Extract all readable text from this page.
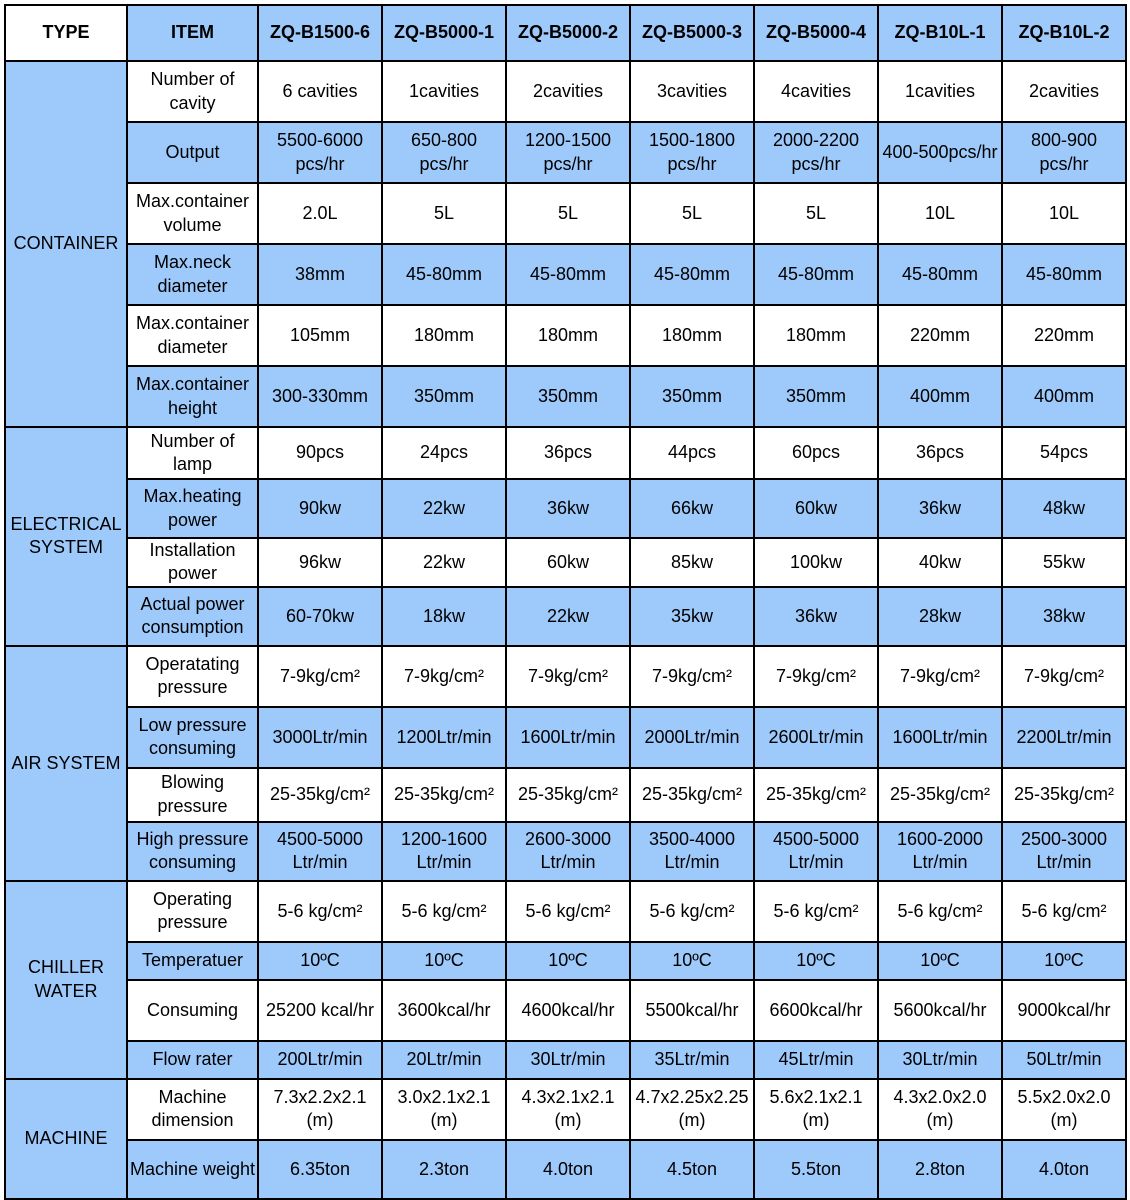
TYPE	ITEM	ZQ-B1500-6	ZQ-B5000-1	ZQ-B5000-2	ZQ-B5000-3	ZQ-B5000-4	ZQ-B10L-1	ZQ-B10L-2
CONTAINER	Number of cavity	6 cavities	1cavities	2cavities	3cavities	4cavities	1cavities	2cavities
	Output	5500-6000 pcs/hr	650-800 pcs/hr	1200-1500 pcs/hr	1500-1800 pcs/hr	2000-2200 pcs/hr	400-500pcs/hr	800-900 pcs/hr
	Max.container volume	2.0L	5L	5L	5L	5L	10L	10L
	Max.neck diameter	38mm	45-80mm	45-80mm	45-80mm	45-80mm	45-80mm	45-80mm
	Max.container diameter	105mm	180mm	180mm	180mm	180mm	220mm	220mm
	Max.container height	300-330mm	350mm	350mm	350mm	350mm	400mm	400mm
ELECTRICAL SYSTEM	Number of lamp	90pcs	24pcs	36pcs	44pcs	60pcs	36pcs	54pcs
	Max.heating power	90kw	22kw	36kw	66kw	60kw	36kw	48kw
	Installation power	96kw	22kw	60kw	85kw	100kw	40kw	55kw
	Actual power consumption	60-70kw	18kw	22kw	35kw	36kw	28kw	38kw
AIR SYSTEM	Operatating pressure	7-9kg/cm²	7-9kg/cm²	7-9kg/cm²	7-9kg/cm²	7-9kg/cm²	7-9kg/cm²	7-9kg/cm²
	Low pressure consuming	3000Ltr/min	1200Ltr/min	1600Ltr/min	2000Ltr/min	2600Ltr/min	1600Ltr/min	2200Ltr/min
	Blowing pressure	25-35kg/cm²	25-35kg/cm²	25-35kg/cm²	25-35kg/cm²	25-35kg/cm²	25-35kg/cm²	25-35kg/cm²
	High pressure consuming	4500-5000 Ltr/min	1200-1600 Ltr/min	2600-3000 Ltr/min	3500-4000 Ltr/min	4500-5000 Ltr/min	1600-2000 Ltr/min	2500-3000 Ltr/min
CHILLER WATER	Operating pressure	5-6 kg/cm²	5-6 kg/cm²	5-6 kg/cm²	5-6 kg/cm²	5-6 kg/cm²	5-6 kg/cm²	5-6 kg/cm²
	Temperatuer	10ºC	10ºC	10ºC	10ºC	10ºC	10ºC	10ºC
	Consuming	25200 kcal/hr	3600kcal/hr	4600kcal/hr	5500kcal/hr	6600kcal/hr	5600kcal/hr	9000kcal/hr
	Flow rater	200Ltr/min	20Ltr/min	30Ltr/min	35Ltr/min	45Ltr/min	30Ltr/min	50Ltr/min
MACHINE	Machine dimension	7.3x2.2x2.1(m)	3.0x2.1x2.1(m)	4.3x2.1x2.1(m)	4.7x2.25x2.25(m)	5.6x2.1x2.1(m)	4.3x2.0x2.0(m)	5.5x2.0x2.0(m)
	Machine weight	6.35ton	2.3ton	4.0ton	4.5ton	5.5ton	2.8ton	4.0ton
